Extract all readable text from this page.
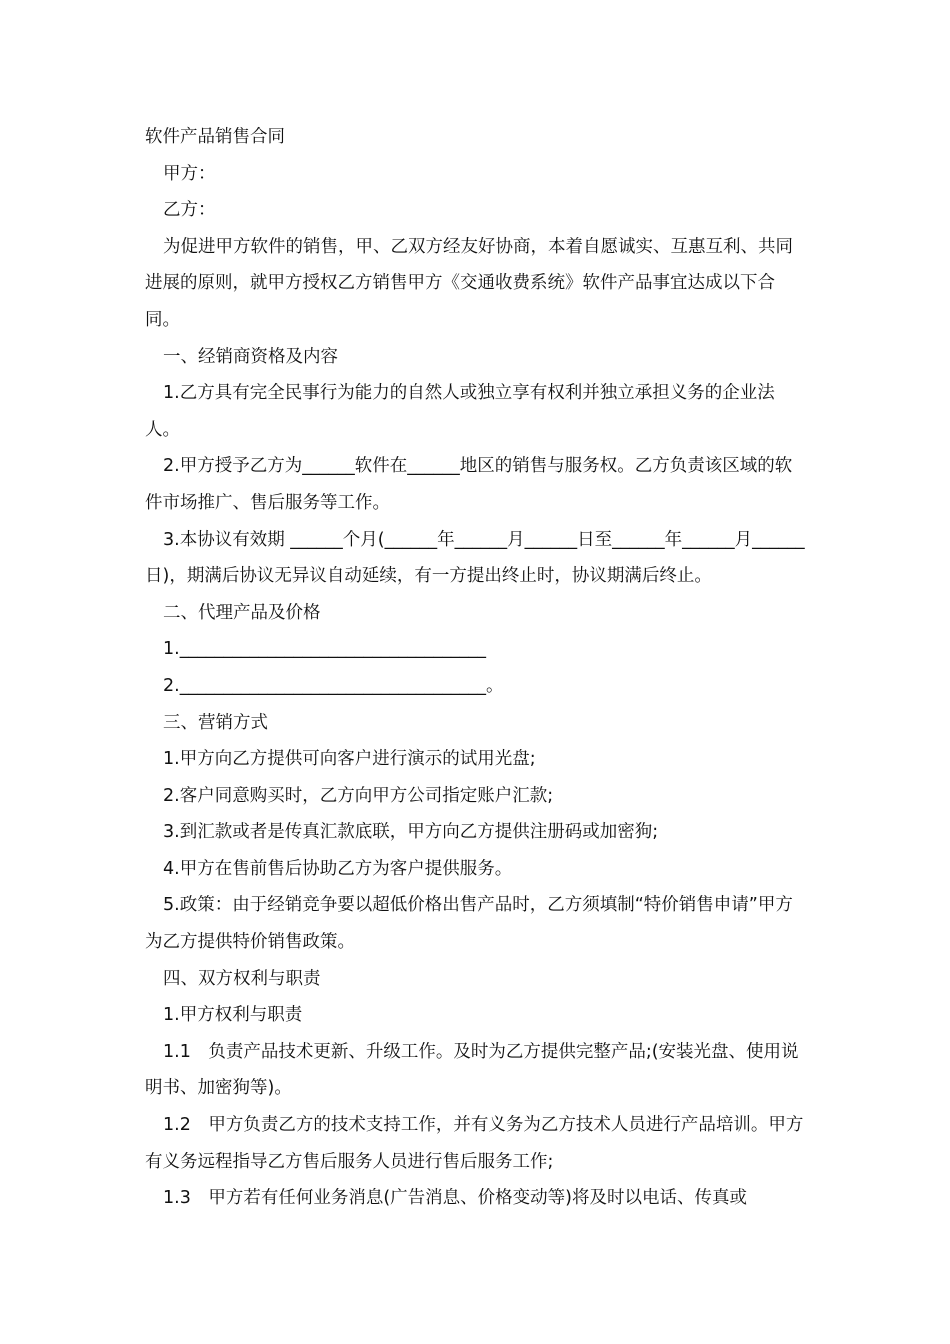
软件产品销售合同

甲方：

乙方：

为促进甲方软件的销售，甲、乙双方经友好协商，本着自愿诚实、互惠互利、共同进展的原则，就甲方授权乙方销售甲方《交通收费系统》软件产品事宜达成以下合同。

一、经销商资格及内容

1.乙方具有完全民事行为能力的自然人或独立享有权利并独立承担义务的企业法人。

2.甲方授予乙方为______软件在______地区的销售与服务权。乙方负责该区域的软件市场推广、售后服务等工作。

3.本协议有效期 ______个月(______年______月______日至______年______月______日)，期满后协议无异议自动延续，有一方提出终止时，协议期满后终止。

二、代理产品及价格

1.___________________________________

2.___________________________________。

三、营销方式

1.甲方向乙方提供可向客户进行演示的试用光盘;

2.客户同意购买时，乙方向甲方公司指定账户汇款;

3.到汇款或者是传真汇款底联，甲方向乙方提供注册码或加密狗;

4.甲方在售前售后协助乙方为客户提供服务。

5.政策：由于经销竞争要以超低价格出售产品时，乙方须填制“特价销售申请”甲方为乙方提供特价销售政策。

四、双方权利与职责

1.甲方权利与职责

1.1　负责产品技术更新、升级工作。及时为乙方提供完整产品;(安装光盘、使用说明书、加密狗等)。

1.2　甲方负责乙方的技术支持工作，并有义务为乙方技术人员进行产品培训。甲方有义务远程指导乙方售后服务人员进行售后服务工作;

1.3　甲方若有任何业务消息(广告消息、价格变动等)将及时以电话、传真或
